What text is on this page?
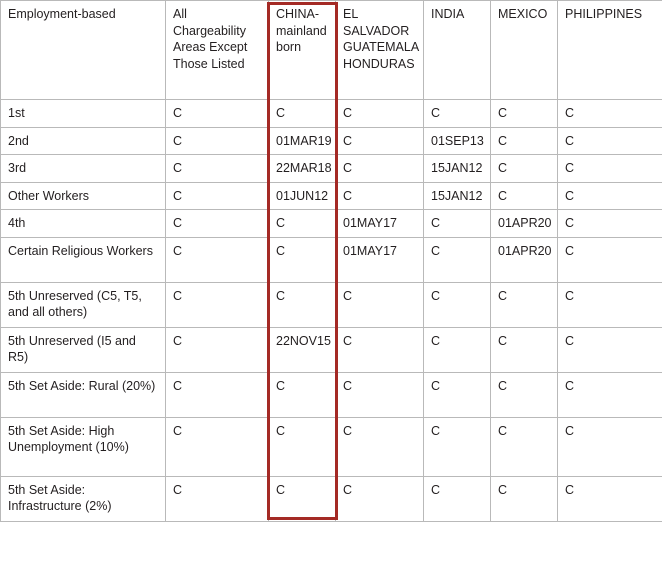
Employment-based	All Chargeability Areas Except Those Listed	CHINA-mainland born	EL SALVADOR GUATEMALA HONDURAS	INDIA	MEXICO	PHILIPPINES
1st	C	C	C	C	C	C
2nd	C	01MAR19	C	01SEP13	C	C
3rd	C	22MAR18	C	15JAN12	C	C
Other Workers	C	01JUN12	C	15JAN12	C	C
4th	C	C	01MAY17	C	01APR20	C
Certain Religious Workers	C	C	01MAY17	C	01APR20	C
5th Unreserved (C5, T5, and all others)	C	C	C	C	C	C
5th Unreserved (I5 and R5)	C	22NOV15	C	C	C	C
5th Set Aside: Rural (20%)	C	C	C	C	C	C
5th Set Aside: High Unemployment (10%)	C	C	C	C	C	C
5th Set Aside: Infrastructure (2%)	C	C	C	C	C	C
